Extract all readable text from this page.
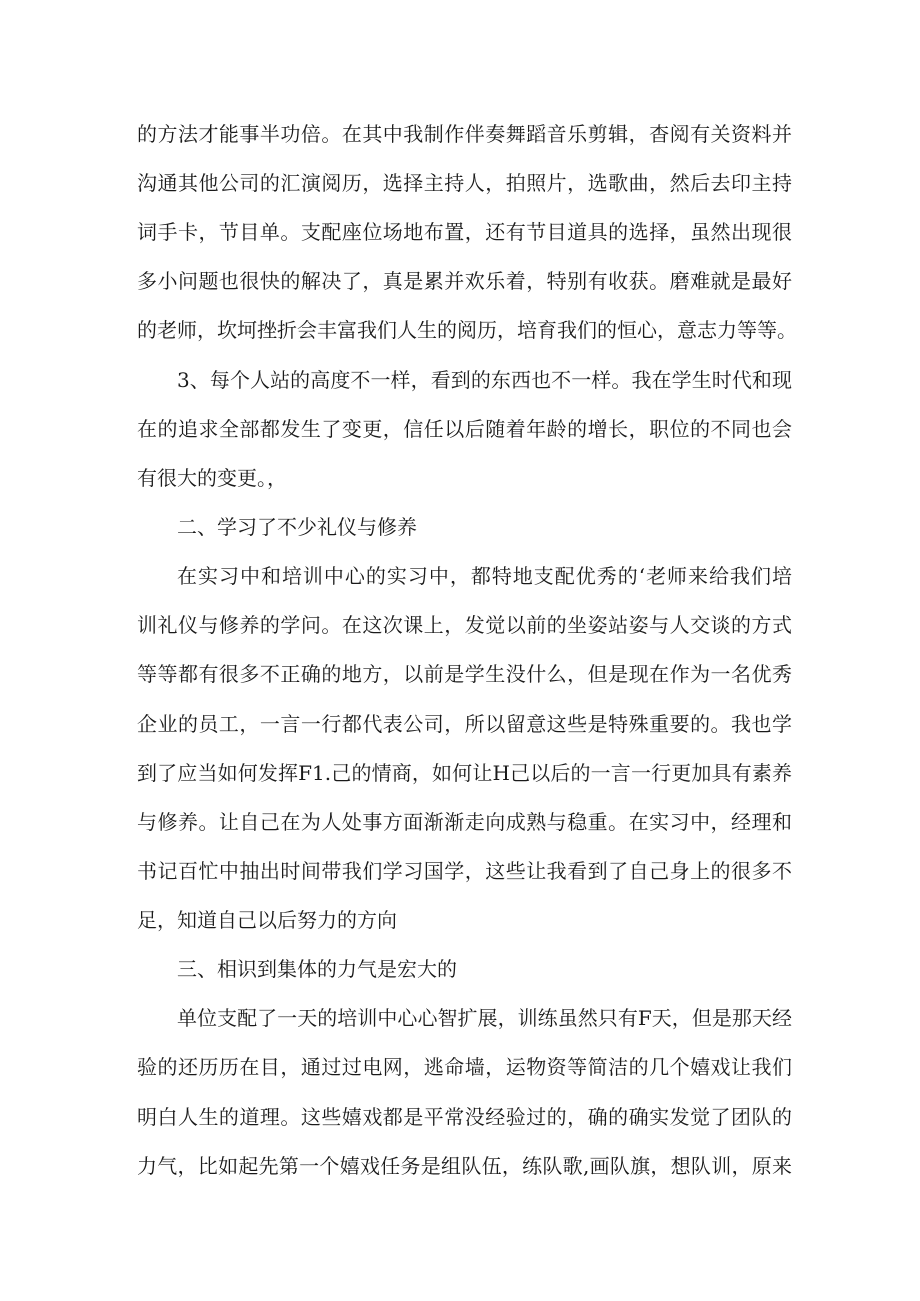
的方法才能事半功倍。在其中我制作伴奏舞蹈音乐剪辑，杳阅有关资料并
沟通其他公司的汇演阅历，选择主持人，拍照片，选歌曲，然后去印主持
词手卡，节目单。支配座位场地布置，还有节目道具的选择，虽然出现很
多小问题也很快的解决了，真是累并欢乐着，特别有收获。磨难就是最好
的老师，坎坷挫折会丰富我们人生的阅历，培育我们的恒心，意志力等等。
3、每个人站的高度不一样，看到的东西也不一样。我在学生时代和现
在的追求全部都发生了变更，信任以后随着年龄的增长，职位的不同也会
有很大的变更。，
二、学习了不少礼仪与修养
在实习中和培训中心的实习中，都特地支配优秀的‘老师来给我们培
训礼仪与修养的学问。在这次课上，发觉以前的坐姿站姿与人交谈的方式
等等都有很多不正确的地方，以前是学生没什么，但是现在作为一名优秀
企业的员工，一言一行都代表公司，所以留意这些是特殊重要的。我也学
到了应当如何发挥F1.己的情商，如何让H己以后的一言一行更加具有素养
与修养。让自己在为人处事方面渐渐走向成熟与稳重。在实习中，经理和
书记百忙中抽出时间带我们学习国学，这些让我看到了自己身上的很多不
足，知道自己以后努力的方向
三、相识到集体的力气是宏大的
单位支配了一天的培训中心心智扩展，训练虽然只有F天，但是那天经
验的还历历在目，通过过电网，逃命墙，运物资等简洁的几个嬉戏让我们
明白人生的道理。这些嬉戏都是平常没经验过的，确的确实发觉了团队的
力气，比如起先第一个嬉戏任务是组队伍，练队歌,画队旗，想队训，原来
